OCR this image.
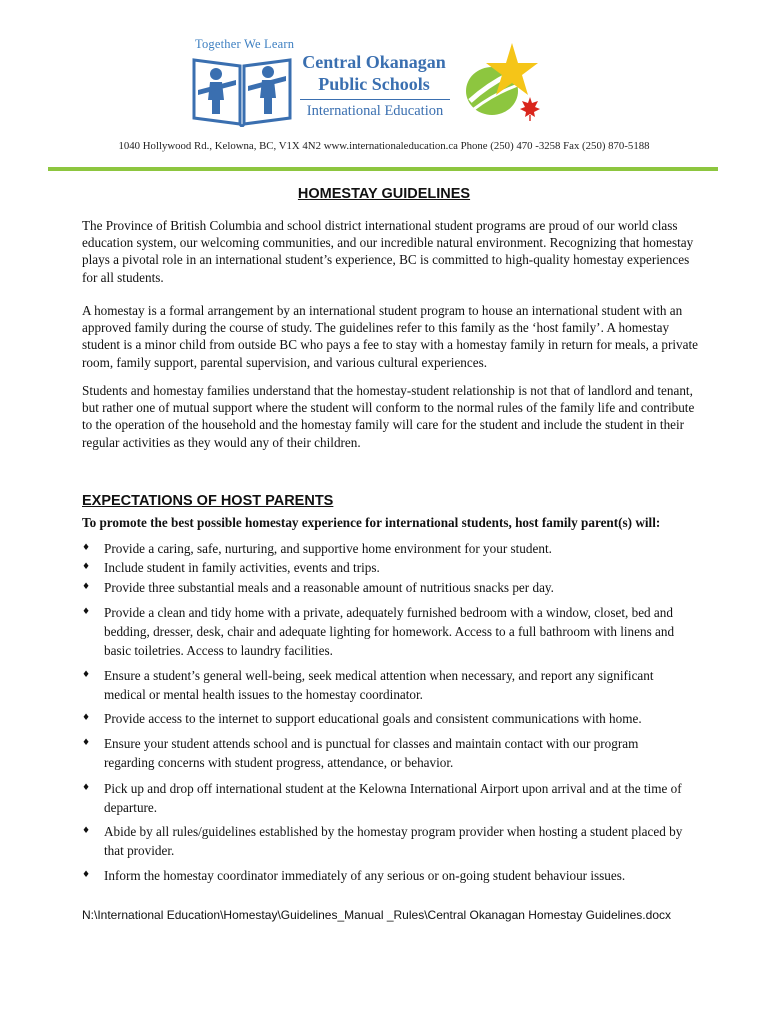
Together We Learn
Central Okanagan
Public Schools
International Education
1040 Hollywood Rd., Kelowna, BC, V1X 4N2 www.internationaleducation.ca Phone (250) 470 -3258 Fax (250) 870-5188
HOMESTAY GUIDELINES

The Province of British Columbia and school district international student programs are proud of our world class education system, our welcoming communities, and our incredible natural environment. Recognizing that homestay plays a pivotal role in an international student’s experience, BC is committed to high-quality homestay experiences for all students.

A homestay is a formal arrangement by an international student program to house an international student with an approved family during the course of study. The guidelines refer to this family as the ‘host family’. A homestay student is a minor child from outside BC who pays a fee to stay with a homestay family in return for meals, a private room, family support, parental supervision, and various cultural experiences.

Students and homestay families understand that the homestay-student relationship is not that of landlord and tenant, but rather one of mutual support where the student will conform to the normal rules of the family life and contribute to the operation of the household and the homestay family will care for the student and include the student in their regular activities as they would any of their children.

EXPECTATIONS OF HOST PARENTS
To promote the best possible homestay experience for international students, host family parent(s) will:
♦ Provide a caring, safe, nurturing, and supportive home environment for your student.
♦ Include student in family activities, events and trips.
♦ Provide three substantial meals and a reasonable amount of nutritious snacks per day.
♦ Provide a clean and tidy home with a private, adequately furnished bedroom with a window, closet, bed and bedding, dresser, desk, chair and adequate lighting for homework. Access to a full bathroom with linens and basic toiletries. Access to laundry facilities.
♦ Ensure a student’s general well-being, seek medical attention when necessary, and report any significant medical or mental health issues to the homestay coordinator.
♦ Provide access to the internet to support educational goals and consistent communications with home.
♦ Ensure your student attends school and is punctual for classes and maintain contact with our program regarding concerns with student progress, attendance, or behavior.
♦ Pick up and drop off international student at the Kelowna International Airport upon arrival and at the time of departure.
♦ Abide by all rules/guidelines established by the homestay program provider when hosting a student placed by that provider.
♦ Inform the homestay coordinator immediately of any serious or on-going student behaviour issues.
N:\International Education\Homestay\Guidelines_Manual _Rules\Central Okanagan Homestay Guidelines.docx
